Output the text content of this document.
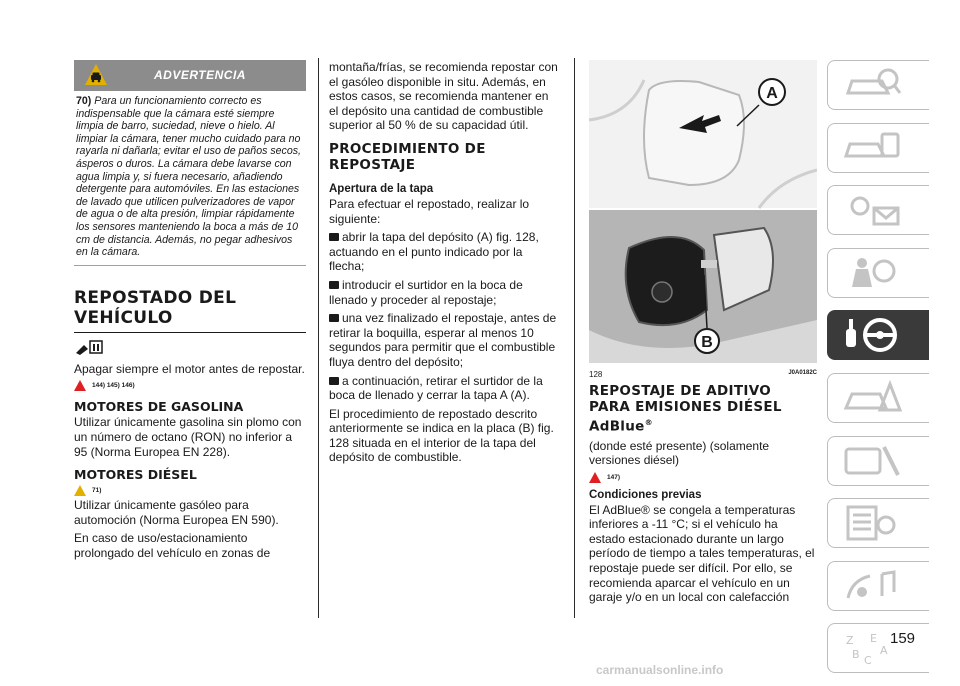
ADVERTENCIA
70) Para un funcionamiento correcto es indispensable que la cámara esté siempre limpia de barro, suciedad, nieve o hielo. Al limpiar la cámara, tener mucho cuidado para no rayarla ni dañarla; evitar el uso de paños secos, ásperos o duros. La cámara debe lavarse con agua limpia y, si fuera necesario, añadiendo detergente para automóviles. En las estaciones de lavado que utilicen pulverizadores de vapor de agua o de alta presión, limpiar rápidamente los sensores manteniendo la boca a más de 10 cm de distancia. Además, no pegar adhesivos en la cámara.
REPOSTADO DEL VEHÍCULO

Apagar siempre el motor antes de repostar.

144) 145) 146)
MOTORES DE GASOLINA

Utilizar únicamente gasolina sin plomo con un número de octano (RON) no inferior a 95 (Norma Europea EN 228).

MOTORES DIÉSEL
71)

Utilizar únicamente gasóleo para automoción (Norma Europea EN 590).

En caso de uso/estacionamiento prolongado del vehículo en zonas de

montaña/frías, se recomienda repostar con el gasóleo disponible in situ. Además, en estos casos, se recomienda mantener en el depósito una cantidad de combustible superior al 50 % de su capacidad útil.

PROCEDIMIENTO DE REPOSTAJE
Apertura de la tapa

Para efectuar el repostado, realizar lo siguiente:

abrir la tapa del depósito (A) fig. 128, actuando en el punto indicado por la flecha;

introducir el surtidor en la boca de llenado y proceder al repostaje;

una vez finalizado el repostaje, antes de retirar la boquilla, esperar al menos 10 segundos para permitir que el combustible fluya dentro del depósito;

a continuación, retirar el surtidor de la boca de llenado y cerrar la tapa A (A).

El procedimiento de repostado descrito anteriormente se indica en la placa (B) fig. 128 situada en el interior de la tapa del depósito de combustible.

A
B
128	J0A0182C
REPOSTAJE DE ADITIVO PARA EMISIONES DIÉSEL AdBlue®

(donde esté presente) (solamente versiones diésel)

147)
Condiciones previas

El AdBlue® se congela a temperaturas inferiores a -11 °C; si el vehículo ha estado estacionado durante un largo período de tiempo a tales temperaturas, el repostaje puede ser difícil. Por ello, se recomienda aparcar el vehículo en un garaje y/o en un local con calefacción

Z E
A
B C
159
carmanualsonline.info
